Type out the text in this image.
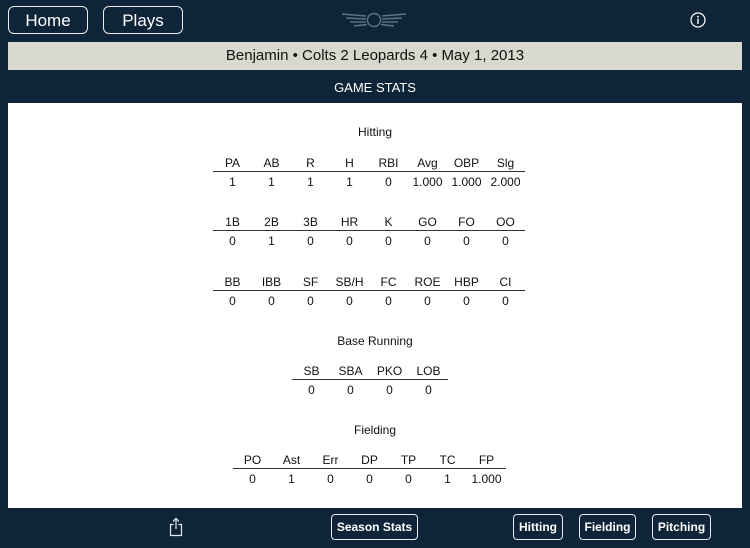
Home	Plays
Benjamin • Colts 2 Leopards 4 • May 1, 2013
GAME STATS
Hitting
PA	AB	R	H	RBI	Avg	OBP	Slg
1	1	1	1	0	1.000	1.000	2.000
1B	2B	3B	HR	K	GO	FO	OO
0	1	0	0	0	0	0	0
BB	IBB	SF	SB/H	FC	ROE	HBP	CI
0	0	0	0	0	0	0	0
Base Running
SB	SBA	PKO	LOB
0	0	0	0
Fielding
PO	Ast	Err	DP	TP	TC	FP
0	1	0	0	0	1	1.000
Season Stats	Hitting	Fielding	Pitching
